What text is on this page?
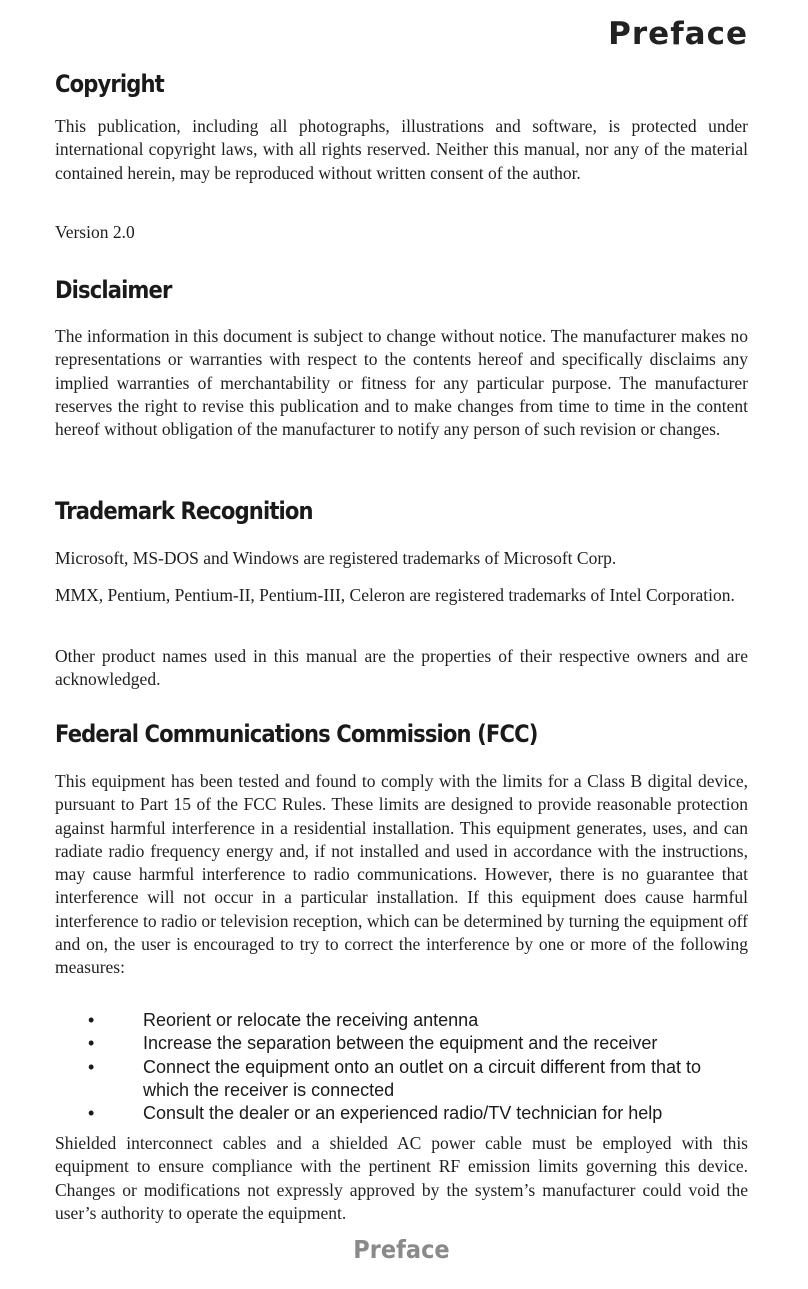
Preface
Copyright

This publication, including all photographs, illustrations and software, is protected under international copyright laws, with all rights reserved. Neither this manual, nor any of the material contained herein, may be reproduced without written consent of the author.

Version 2.0

Disclaimer

The information in this document is subject to change without notice. The manufacturer makes no representations or warranties with respect to the contents hereof and specifically disclaims any implied warranties of merchantability or fitness for any particular purpose. The manufacturer reserves the right to revise this publication and to make changes from time to time in the content hereof without obligation of the manufacturer to notify any person of such revision or changes.

Trademark Recognition

Microsoft, MS-DOS and Windows are registered trademarks of Microsoft Corp.

MMX, Pentium, Pentium-II, Pentium-III, Celeron are registered trademarks of Intel Corporation.

Other product names used in this manual are the properties of their respective owners and are acknowledged.

Federal Communications Commission (FCC)

This equipment has been tested and found to comply with the limits for a Class B digital device, pursuant to Part 15 of the FCC Rules. These limits are designed to provide reasonable protection against harmful interference in a residential installation. This equipment generates, uses, and can radiate radio frequency energy and, if not installed and used in accordance with the instructions, may cause harmful interference to radio communications. However, there is no guarantee that interference will not occur in a particular installation. If this equipment does cause harmful interference to radio or television reception, which can be determined by turning the equipment off and on, the user is encouraged to try to correct the interference by one or more of the following measures:

•	Reorient or relocate the receiving antenna
•	Increase the separation between the equipment and the receiver
•	Connect the equipment onto an outlet on a circuit different from that to which the receiver is connected
•	Consult the dealer or an experienced radio/TV technician for help

Shielded interconnect cables and a shielded AC power cable must be employed with this equipment to ensure compliance with the pertinent RF emission limits governing this device. Changes or modifications not expressly approved by the system’s manufacturer could void the user’s authority to operate the equipment.

Preface
